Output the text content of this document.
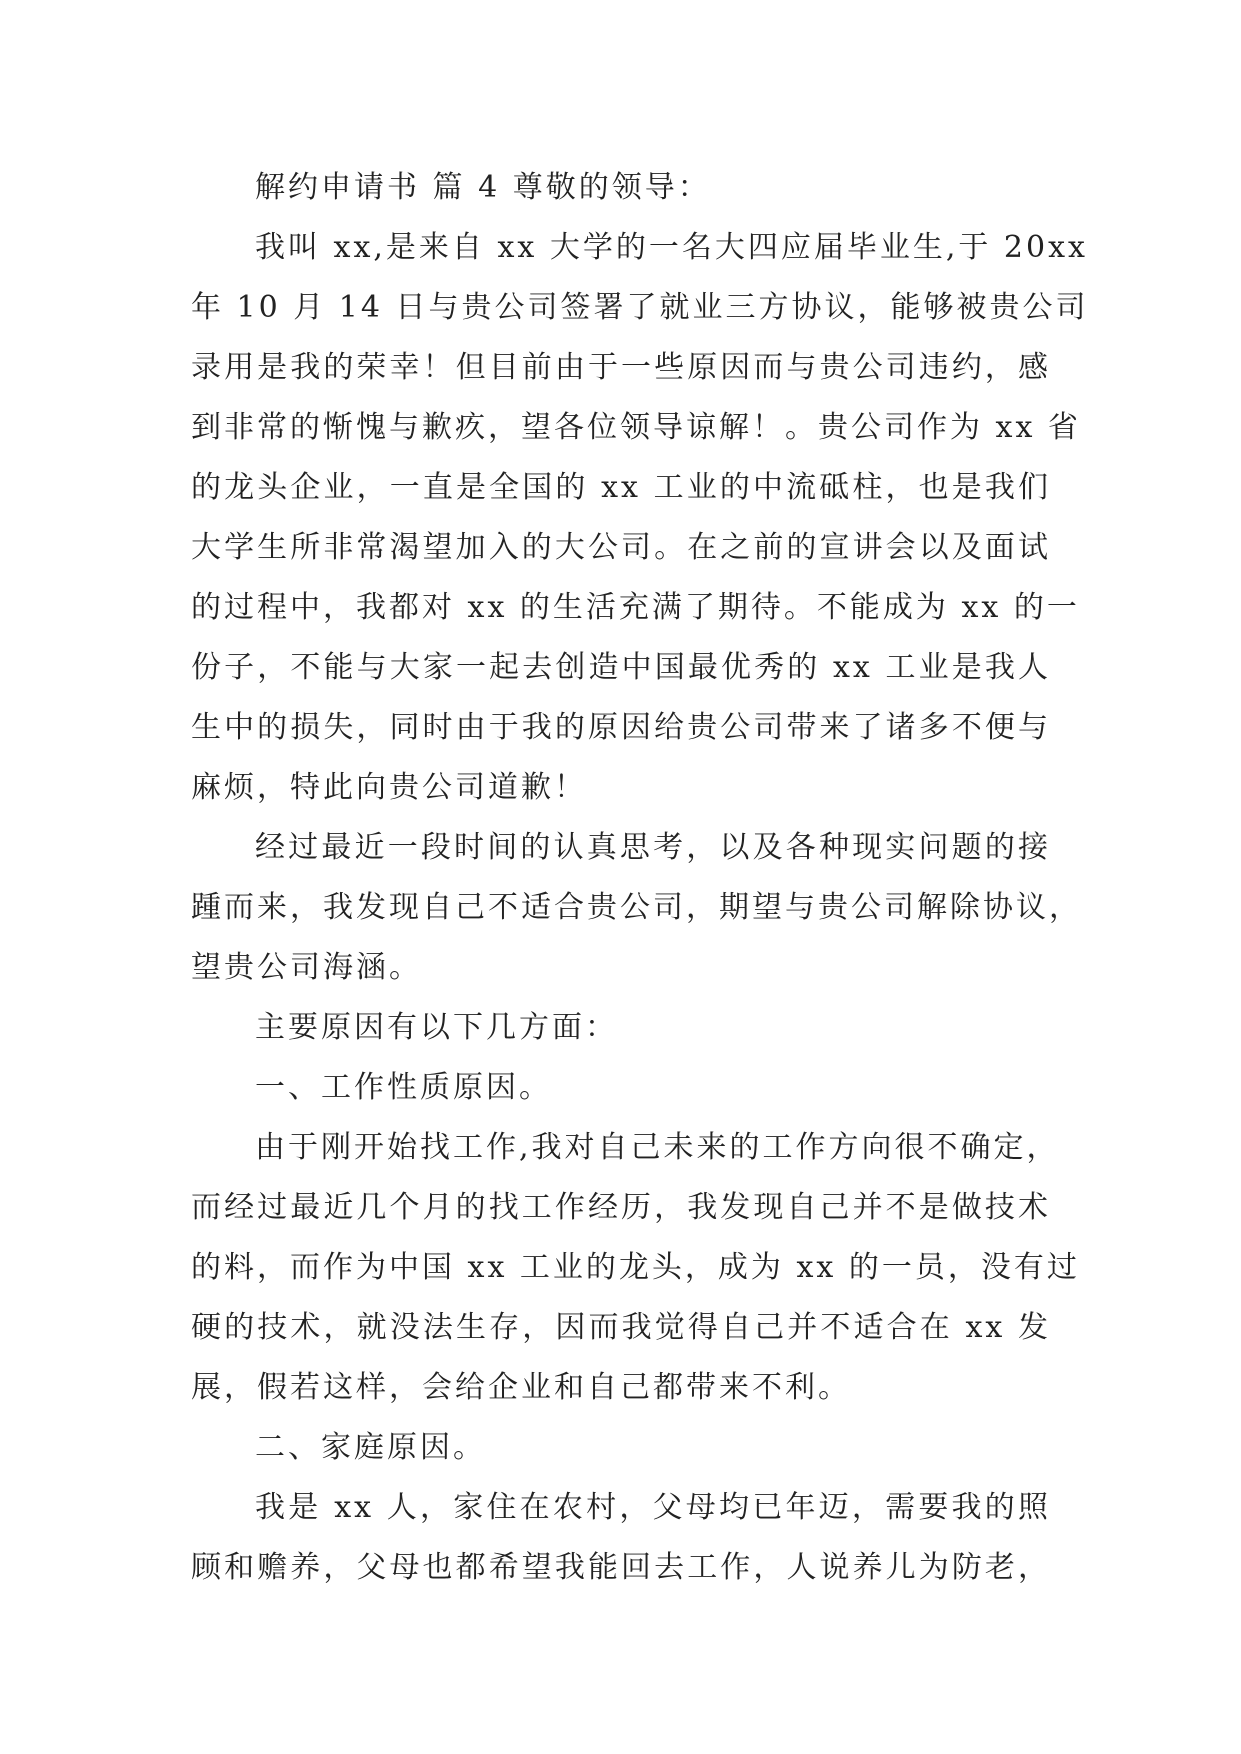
解约申请书 篇 4 尊敬的领导：
我叫 xx,是来自 xx 大学的一名大四应届毕业生,于 20xx
年 10 月 14 日与贵公司签署了就业三方协议，能够被贵公司
录用是我的荣幸！但目前由于一些原因而与贵公司违约，感
到非常的惭愧与歉疚，望各位领导谅解！。贵公司作为 xx 省
的龙头企业，一直是全国的 xx 工业的中流砥柱，也是我们
大学生所非常渴望加入的大公司。在之前的宣讲会以及面试
的过程中，我都对 xx 的生活充满了期待。不能成为 xx 的一
份子，不能与大家一起去创造中国最优秀的 xx 工业是我人
生中的损失，同时由于我的原因给贵公司带来了诸多不便与
麻烦，特此向贵公司道歉！
经过最近一段时间的认真思考，以及各种现实问题的接
踵而来，我发现自己不适合贵公司，期望与贵公司解除协议，
望贵公司海涵。
主要原因有以下几方面：
一、工作性质原因。
由于刚开始找工作,我对自己未来的工作方向很不确定，
而经过最近几个月的找工作经历，我发现自己并不是做技术
的料，而作为中国 xx 工业的龙头，成为 xx 的一员，没有过
硬的技术，就没法生存，因而我觉得自己并不适合在 xx 发
展，假若这样，会给企业和自己都带来不利。
二、家庭原因。
我是 xx 人，家住在农村，父母均已年迈，需要我的照
顾和赡养，父母也都希望我能回去工作，人说养儿为防老，
